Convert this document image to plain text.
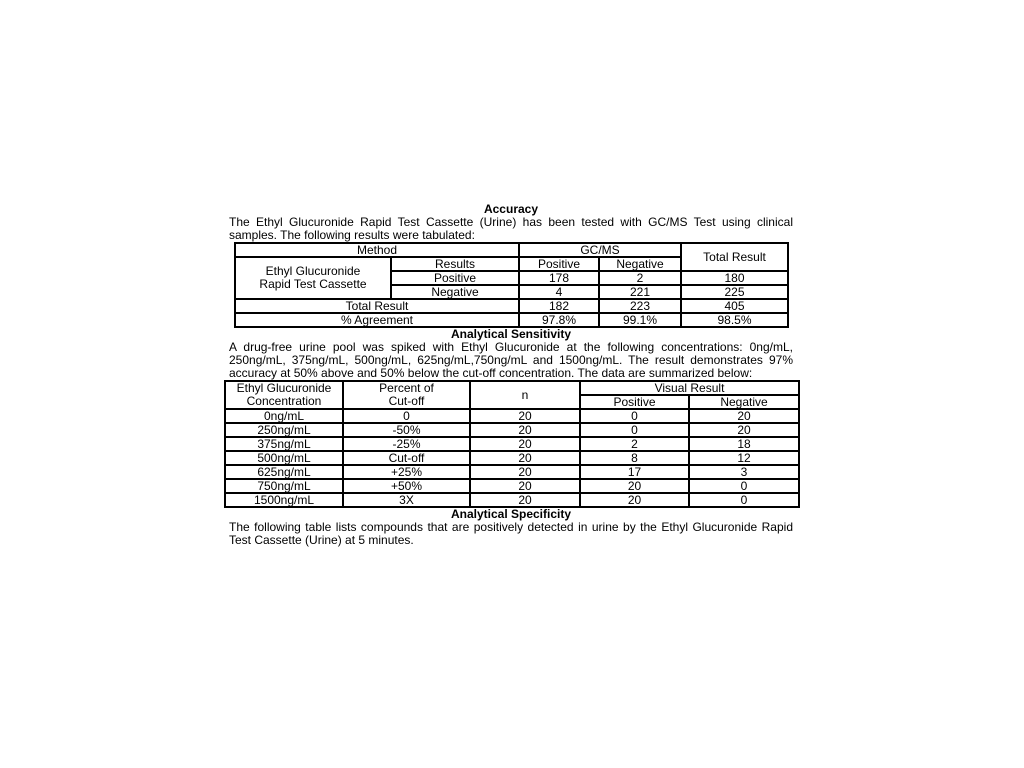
Accuracy
The Ethyl Glucuronide Rapid Test Cassette (Urine) has been tested with GC/MS Test using clinical samples. The following results were tabulated:
Method		GC/MS		Total Result
Ethyl Glucuronide Rapid Test Cassette	Results	Positive	Negative	
	Positive	178	2	180
	Negative	4	221	225
Total Result		182	223	405
% Agreement		97.8%	99.1%	98.5%
Analytical Sensitivity
A drug-free urine pool was spiked with Ethyl Glucuronide at the following concentrations: 0ng/mL, 250ng/mL, 375ng/mL, 500ng/mL, 625ng/mL,750ng/mL and 1500ng/mL. The result demonstrates 97% accuracy at 50% above and 50% below the cut-off concentration. The data are summarized below:
Ethyl Glucuronide Concentration	Percent of Cut-off	n	Visual Result	
			Positive	Negative
0ng/mL	0	20	0	20
250ng/mL	-50%	20	0	20
375ng/mL	-25%	20	2	18
500ng/mL	Cut-off	20	8	12
625ng/mL	+25%	20	17	3
750ng/mL	+50%	20	20	0
1500ng/mL	3X	20	20	0
Analytical Specificity
The following table lists compounds that are positively detected in urine by the Ethyl Glucuronide Rapid Test Cassette (Urine) at 5 minutes.
